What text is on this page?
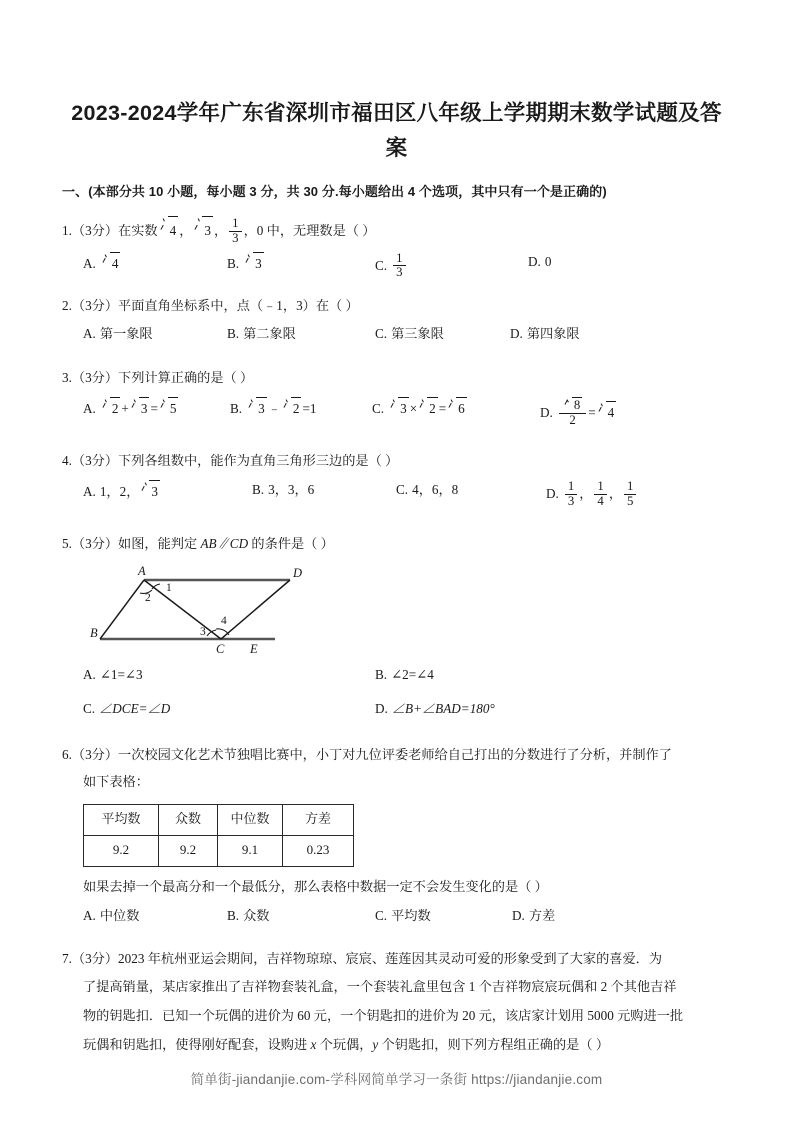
2023-2024学年广东省深圳市福田区八年级上学期期末数学试题及答案
一、(本部分共 10 小题，每小题 3 分，共 30 分.每小题给出 4 个选项，其中只有一个是正确的)
1.（3分）在实数 4 ， 3 ， $\frac{1}{3}$ ，0 中，无理数是（ ）
A. 4	B. 3	C. $\frac{1}{3}$	D. 0
2.（3分）平面直角坐标系中，点（﹣1，3）在（ ）
A. 第一象限	B. 第二象限	C. 第三象限	D. 第四象限
3.（3分）下列计算正确的是（ ）
A. 2 + 3 = 5	B. 3 ﹣ 2 =1	C. 3 × 2 = 6	D. $\frac{8}{2} = 4$
4.（3分）下列各组数中，能作为直角三角形三边的是（ ）
A. 1，2， 3	B. 3，3，6	C. 4，6，8	D. $\frac{1}{3}$ ， $\frac{1}{4}$ ， $\frac{1}{5}$
5.（3分）如图，能判定 AB∥CD 的条件是（ ）
A
B
C
D
E
1
2
3
4
A. ∠1=∠3	B. ∠2=∠4
C. ∠DCE=∠D	D. ∠B+∠BAD=180°
6.（3分）一次校园文化艺术节独唱比赛中，小丁对九位评委老师给自己打出的分数进行了分析，并制作了
如下表格：
平均数	众数	中位数	方差
9.2	9.2	9.1	0.23
如果去掉一个最高分和一个最低分，那么表格中数据一定不会发生变化的是（ ）
A. 中位数	B. 众数	C. 平均数	D. 方差
7.（3分）2023 年杭州亚运会期间，吉祥物琼琼、宸宸、莲莲因其灵动可爱的形象受到了大家的喜爱．为
了提高销量，某店家推出了吉祥物套装礼盒，一个套装礼盒里包含 1 个吉祥物宸宸玩偶和 2 个其他吉祥
物的钥匙扣．已知一个玩偶的进价为 60 元，一个钥匙扣的进价为 20 元，该店家计划用 5000 元购进一批
玩偶和钥匙扣，使得刚好配套，设购进 x 个玩偶，y 个钥匙扣，则下列方程组正确的是（ ）
简单街-jiandanjie.com-学科网简单学习一条街 https://jiandanjie.com
